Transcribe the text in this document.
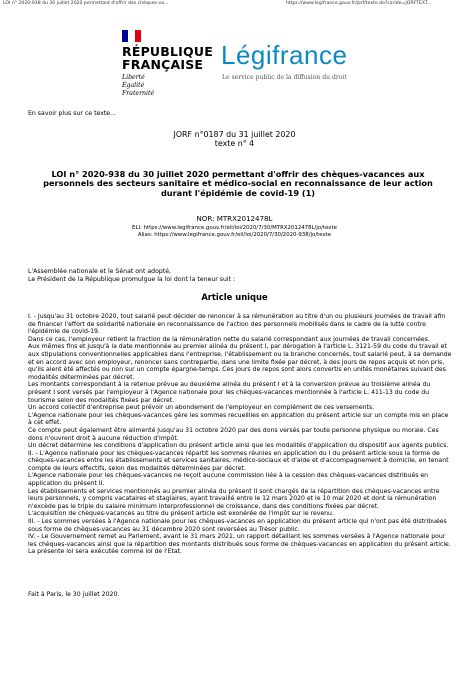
LOI n° 2020-938 du 30 juillet 2020 permettant d'offrir des chèques-va...	https://www.legifrance.gouv.fr/jorf/texte.do?caride=JORFTEXT...
RÉPUBLIQUE
FRANÇAISE
Liberté
Égalité
Fraternité
Légifrance
Le service public de la diffusion du droit
En savoir plus sur ce texte...
JORF n°0187 du 31 juillet 2020
texte n° 4
LOI n° 2020-938 du 30 juillet 2020 permettant d'offrir des chèques-vacances aux personnels des secteurs sanitaire et médico-social en reconnaissance de leur action durant l'épidémie de covid-19 (1)
NOR: MTRX2012478L
ELI: https://www.legifrance.gouv.fr/eli/loi/2020/7/30/MTRX2012478L/jo/texte
Alias: https://www.legifrance.gouv.fr/eli/loi/2020/7/30/2020-938/jo/texte
L'Assemblée nationale et le Sénat ont adopté,
Le Président de la République promulgue la loi dont la teneur suit :
Article unique

I. - Jusqu'au 31 octobre 2020, tout salarié peut décider de renoncer à sa rémunération au titre d'un ou plusieurs journées de travail afin de financer l'effort de solidarité nationale en reconnaissance de l'action des personnels mobilisés dans le cadre de la lutte contre l'épidémie de covid-19.

Dans ce cas, l'employeur retient la fraction de la rémunération nette du salarié correspondant aux journées de travail concernées.

Aux mêmes fins et jusqu'à la date mentionnée au premier alinéa du présent I, par dérogation à l'article L. 3121-59 du code du travail et aux stipulations conventionnelles applicables dans l'entreprise, l'établissement ou la branche concernés, tout salarié peut, à sa demande et en accord avec son employeur, renoncer sans contrepartie, dans une limite fixée par décret, à des jours de repos acquis et non pris, qu'ils aient été affectés ou non sur un compte épargne-temps. Ces jours de repos sont alors convertis en unités monétaires suivant des modalités déterminées par décret.

Les montants correspondant à la retenue prévue au deuxième alinéa du présent I et à la conversion prévue au troisième alinéa du présent I sont versés par l'employeur à l'Agence nationale pour les chèques-vacances mentionnée à l'article L. 411-13 du code du tourisme selon des modalités fixées par décret.

Un accord collectif d'entreprise peut prévoir un abondement de l'employeur en complément de ces versements.

L'Agence nationale pour les chèques-vacances gère les sommes recueillies en application du présent article sur un compte mis en place à cet effet.

Ce compte peut également être alimenté jusqu'au 31 octobre 2020 par des dons versés par toute personne physique ou morale. Ces dons n'ouvrent droit à aucune réduction d'impôt.

Un décret détermine les conditions d'application du présent article ainsi que les modalités d'application du dispositif aux agents publics.

II. - L'Agence nationale pour les chèques-vacances répartit les sommes réunies en application du I du présent article sous la forme de chèques-vacances entre les établissements et services sanitaires, médico-sociaux et d'aide et d'accompagnement à domicile, en tenant compte de leurs effectifs, selon des modalités déterminées par décret.

L'Agence nationale pour les chèques-vacances ne reçoit aucune commission liée à la cession des chèques-vacances distribués en application du présent II.

Les établissements et services mentionnés au premier alinéa du présent II sont chargés de la répartition des chèques-vacances entre leurs personnels, y compris vacataires et stagiaires, ayant travaillé entre le 12 mars 2020 et le 10 mai 2020 et dont la rémunération n'excède pas le triple du salaire minimum interprofessionnel de croissance, dans des conditions fixées par décret.

L'acquisition de chèques-vacances au titre du présent article est exonérée de l'impôt sur le revenu.

III. - Les sommes versées à l'Agence nationale pour les chèques-vacances en application du présent article qui n'ont pas été distribuées sous forme de chèques-vacances au 31 décembre 2020 sont reversées au Trésor public.

IV. - Le Gouvernement remet au Parlement, avant le 31 mars 2021, un rapport détaillant les sommes versées à l'Agence nationale pour les chèques-vacances ainsi que la répartition des montants distribués sous forme de chèques-vacances en application du présent article.

La présente loi sera exécutée comme loi de l'Etat.

Fait à Paris, le 30 juillet 2020.
